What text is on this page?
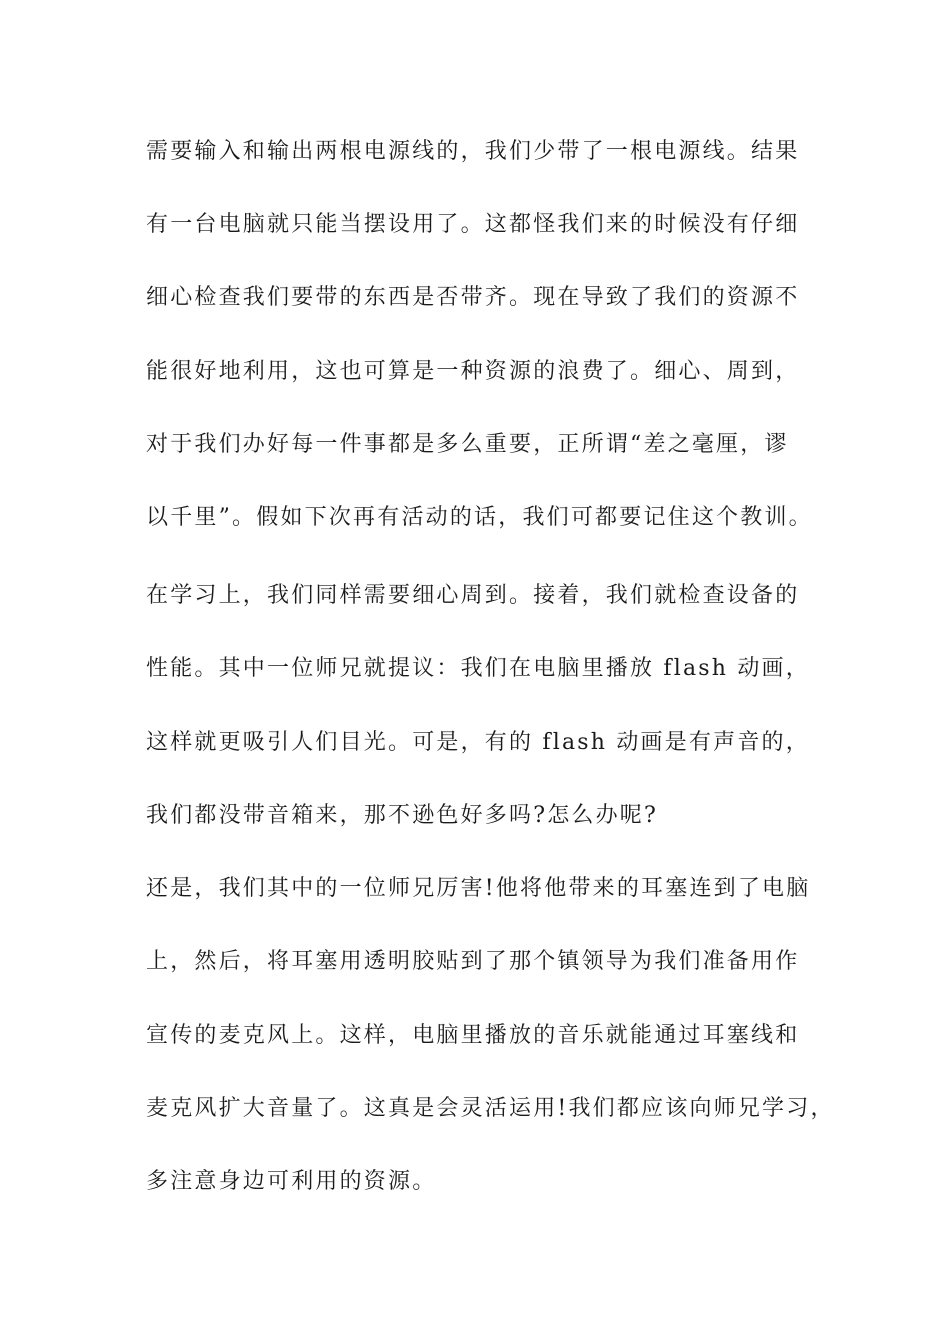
需要输入和输出两根电源线的，我们少带了一根电源线。结果
有一台电脑就只能当摆设用了。这都怪我们来的时候没有仔细
细心检查我们要带的东西是否带齐。现在导致了我们的资源不
能很好地利用，这也可算是一种资源的浪费了。细心、周到，
对于我们办好每一件事都是多么重要，正所谓“差之毫厘，谬
以千里”。假如下次再有活动的话，我们可都要记住这个教训。
在学习上，我们同样需要细心周到。接着，我们就检查设备的
性能。其中一位师兄就提议：我们在电脑里播放 flash 动画，
这样就更吸引人们目光。可是，有的 flash 动画是有声音的，
我们都没带音箱来，那不逊色好多吗?怎么办呢?
还是，我们其中的一位师兄厉害!他将他带来的耳塞连到了电脑
上，然后，将耳塞用透明胶贴到了那个镇领导为我们准备用作
宣传的麦克风上。这样，电脑里播放的音乐就能通过耳塞线和
麦克风扩大音量了。这真是会灵活运用!我们都应该向师兄学习，
多注意身边可利用的资源。
